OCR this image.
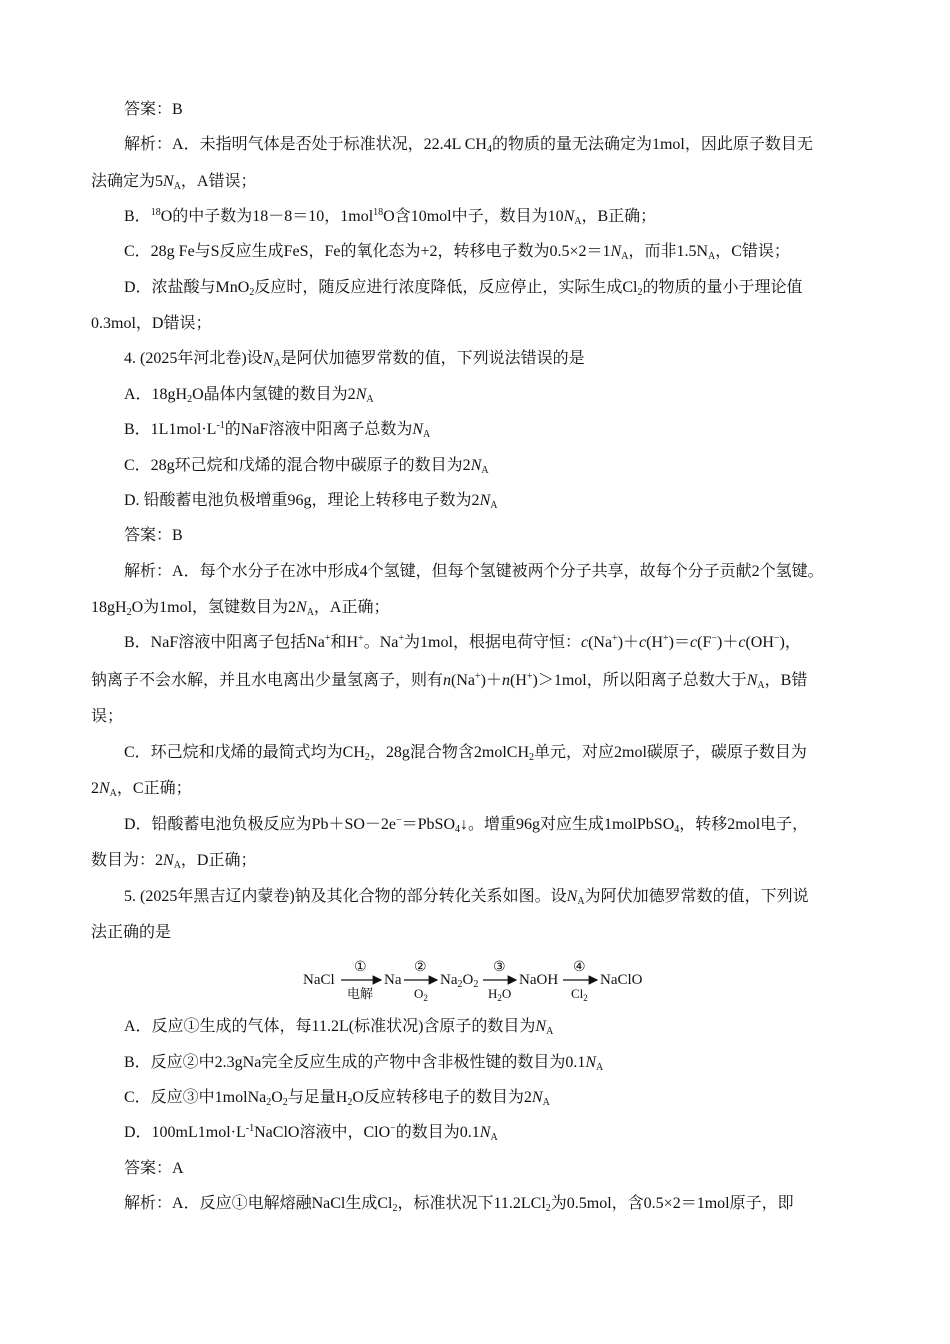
答案：B
解析：A．未指明气体是否处于标准状况，22.4L $CH_4$的物质的量无法确定为1mol，因此原子数目无
法确定为$5N_A$，A错误；
B．$^{18}$O的中子数为18－8＝10，1mol$^{18}$O含10mol中子，数目为$10N_A$，B正确；
C．28g Fe与S反应生成FeS，Fe的氧化态为+2，转移电子数为$0.5\times 2=1N_A$，而非$1.5N_A$，C错误；
D．浓盐酸与MnO$_2$反应时，随反应进行浓度降低，反应停止，实际生成$Cl_2$的物质的量小于理论值
0.3mol，D错误；
4. (2025年河北卷)设$N_A$是阿伏加德罗常数的值，下列说法错误的是
A．$18gH_2O$晶体内氢键的数目为$2N_A$
B．$1L1mol\cdot L^{-1}$的NaF溶液中阳离子总数为$N_A$
C．28g环己烷和戊烯的混合物中碳原子的数目为$2N_A$
D. 铅酸蓄电池负极增重96g，理论上转移电子数为$2N_A$
答案：B
解析：A．每个水分子在冰中形成4个氢键，但每个氢键被两个分子共享，故每个分子贡献2个氢键。
$18gH_2O$为1mol，氢键数目为$2N_A$，A正确；
B．NaF溶液中阳离子包括Na+和H+。Na+为1mol，根据电荷守恒：c(Na+)＋c(H+)＝c(F−)＋c(OH−)，
钠离子不会水解，并且水电离出少量氢离子，则有n(Na+)＋n(H+)＞1mol，所以阳离子总数大于$N_A$，B错
误；
C．环己烷和戊烯的最简式均为$CH_2$，28g混合物含2molCH$_2$单元，对应2mol碳原子，碳原子数目为
$2N_A$，C正确；
D．铅酸蓄电池负极反应为Pb＋SO－2e−＝PbSO$_4$↓。增重96g对应生成1molPbSO$_4$，转移2mol电子，
数目为：$2N_A$，D正确；
5. (2025年黑吉辽内蒙卷)钠及其化合物的部分转化关系如图。设$N_A$为阿伏加德罗常数的值，下列说
法正确的是
NaCl
①
电解
Na
②
$O_2$
$Na_2O_2$
③
$H_2O$
NaOH
④
$Cl_2$
NaClO
A．反应①生成的气体，每11.2L(标准状况)含原子的数目为$N_A$
B．反应②中2.3gNa完全反应生成的产物中含非极性键的数目为$0.1N_A$
C．反应③中$1molNa_2O_2$与足量$H_2O$反应转移电子的数目为$2N_A$
D．$100mL1mol\cdot L^{-1}NaClO$溶液中，ClO−的数目为$0.1N_A$
答案：A
解析：A．反应①电解熔融NaCl生成$Cl_2$，标准状况下11.2LCl$_2$为0.5mol，含0.5×2＝1mol原子，即
